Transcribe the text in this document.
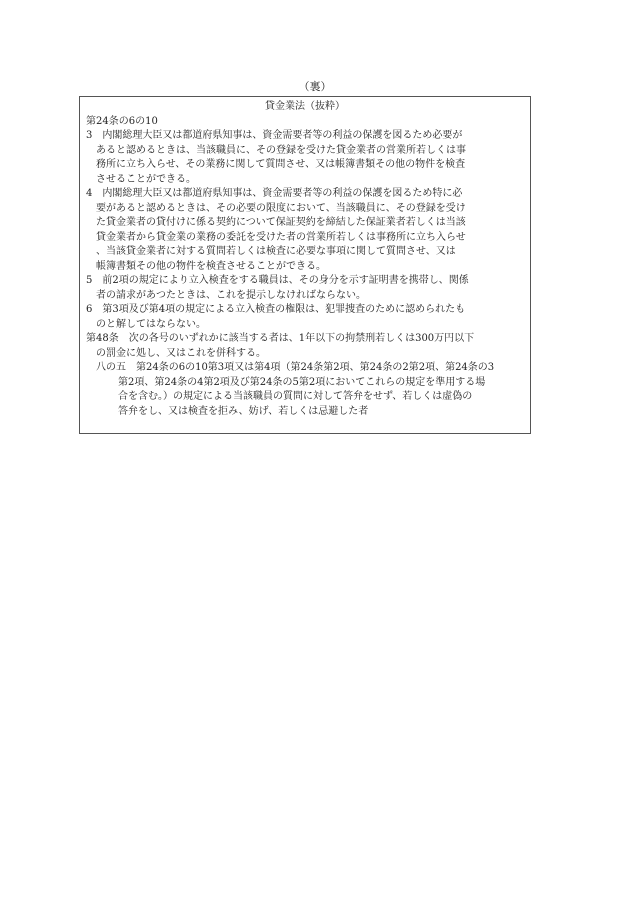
（裏）

貸金業法（抜粋）

第24条の6の10

3　内閣総理大臣又は都道府県知事は、資金需要者等の利益の保護を図るため必要が

あると認めるときは、当該職員に、その登録を受けた貸金業者の営業所若しくは事

務所に立ち入らせ、その業務に関して質問させ、又は帳簿書類その他の物件を検査

させることができる。

4　内閣総理大臣又は都道府県知事は、資金需要者等の利益の保護を図るため特に必

要があると認めるときは、その必要の限度において、当該職員に、その登録を受け

た貸金業者の貸付けに係る契約について保証契約を締結した保証業者若しくは当該

貸金業者から貸金業の業務の委託を受けた者の営業所若しくは事務所に立ち入らせ

、当該貸金業者に対する質問若しくは検査に必要な事項に関して質問させ、又は

帳簿書類その他の物件を検査させることができる。

5　前2項の規定により立入検査をする職員は、その身分を示す証明書を携帯し、関係

者の請求があつたときは、これを提示しなければならない。

6　第3項及び第4項の規定による立入検査の権限は、犯罪捜査のために認められたも

のと解してはならない。

第48条　次の各号のいずれかに該当する者は、1年以下の拘禁刑若しくは300万円以下

の罰金に処し、又はこれを併科する。

八の五　第24条の6の10第3項又は第4項（第24条第2項、第24条の2第2項、第24条の3

第2項、第24条の4第2項及び第24条の5第2項においてこれらの規定を準用する場

合を含む。）の規定による当該職員の質問に対して答弁をせず、若しくは虚偽の

答弁をし、又は検査を拒み、妨げ、若しくは忌避した者
